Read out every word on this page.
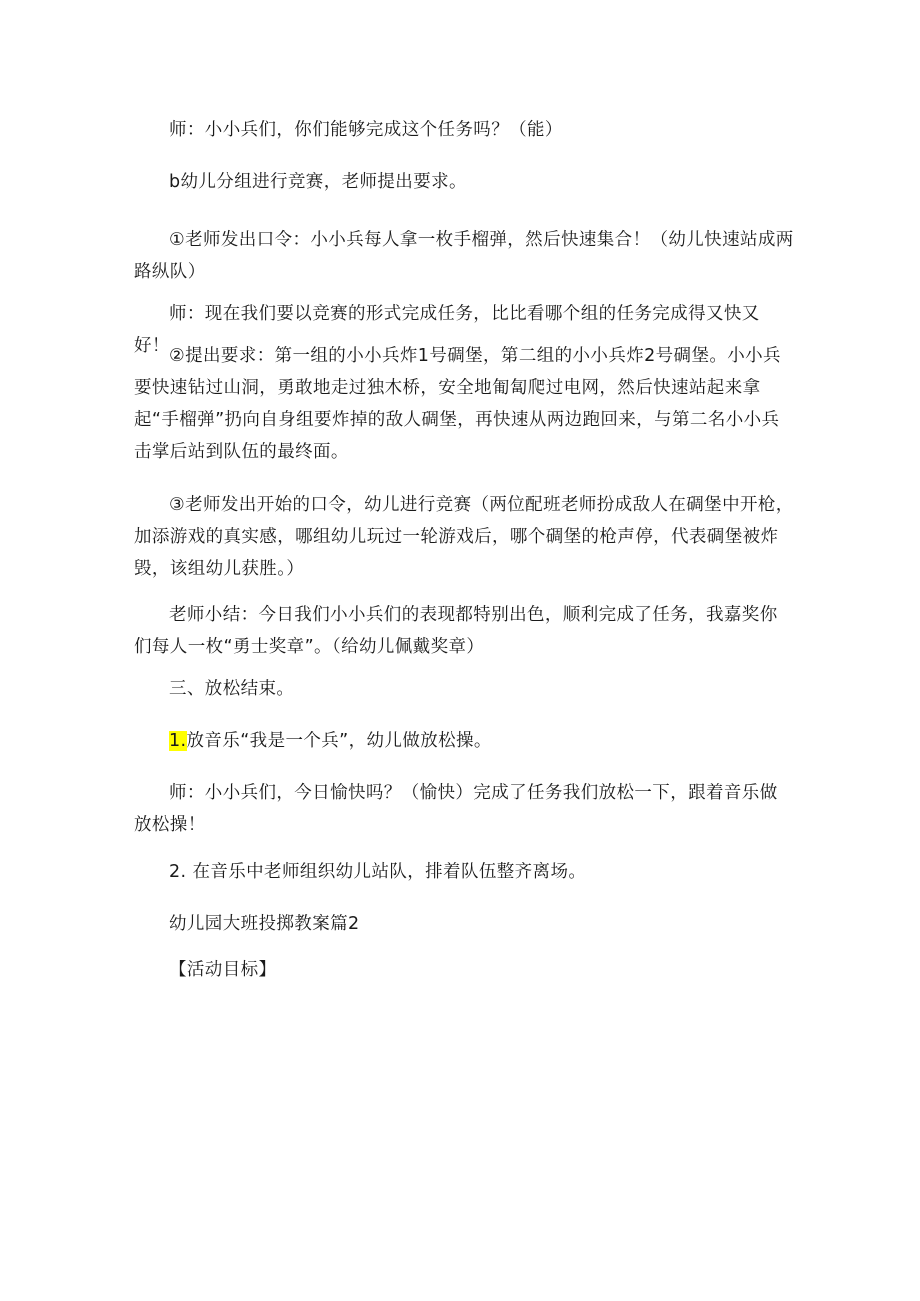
师：小小兵们，你们能够完成这个任务吗？（能）

b幼儿分组进行竞赛，老师提出要求。

①老师发出口令：小小兵每人拿一枚手榴弹，然后快速集合！（幼儿快速站成两路纵队）

师：现在我们要以竞赛的形式完成任务，比比看哪个组的任务完成得又快又好！ ②提出要求：第一组的小小兵炸1号碉堡，第二组的小小兵炸2号碉堡。小小兵要快速钻过山洞，勇敢地走过独木桥，安全地匍匐爬过电网，然后快速站起来拿起“手榴弹”扔向自身组要炸掉的敌人碉堡，再快速从两边跑回来，与第二名小小兵击掌后站到队伍的最终面。

③老师发出开始的口令，幼儿进行竞赛（两位配班老师扮成敌人在碉堡中开枪，加添游戏的真实感，哪组幼儿玩过一轮游戏后，哪个碉堡的枪声停，代表碉堡被炸毁，该组幼儿获胜。）

老师小结：今日我们小小兵们的表现都特别出色，顺利完成了任务，我嘉奖你们每人一枚“勇士奖章”。（给幼儿佩戴奖章）

三、放松结束。

1.放音乐“我是一个兵”，幼儿做放松操。

师：小小兵们，今日愉快吗？（愉快）完成了任务我们放松一下，跟着音乐做放松操！

2. 在音乐中老师组织幼儿站队，排着队伍整齐离场。

幼儿园大班投掷教案篇2

【活动目标】
